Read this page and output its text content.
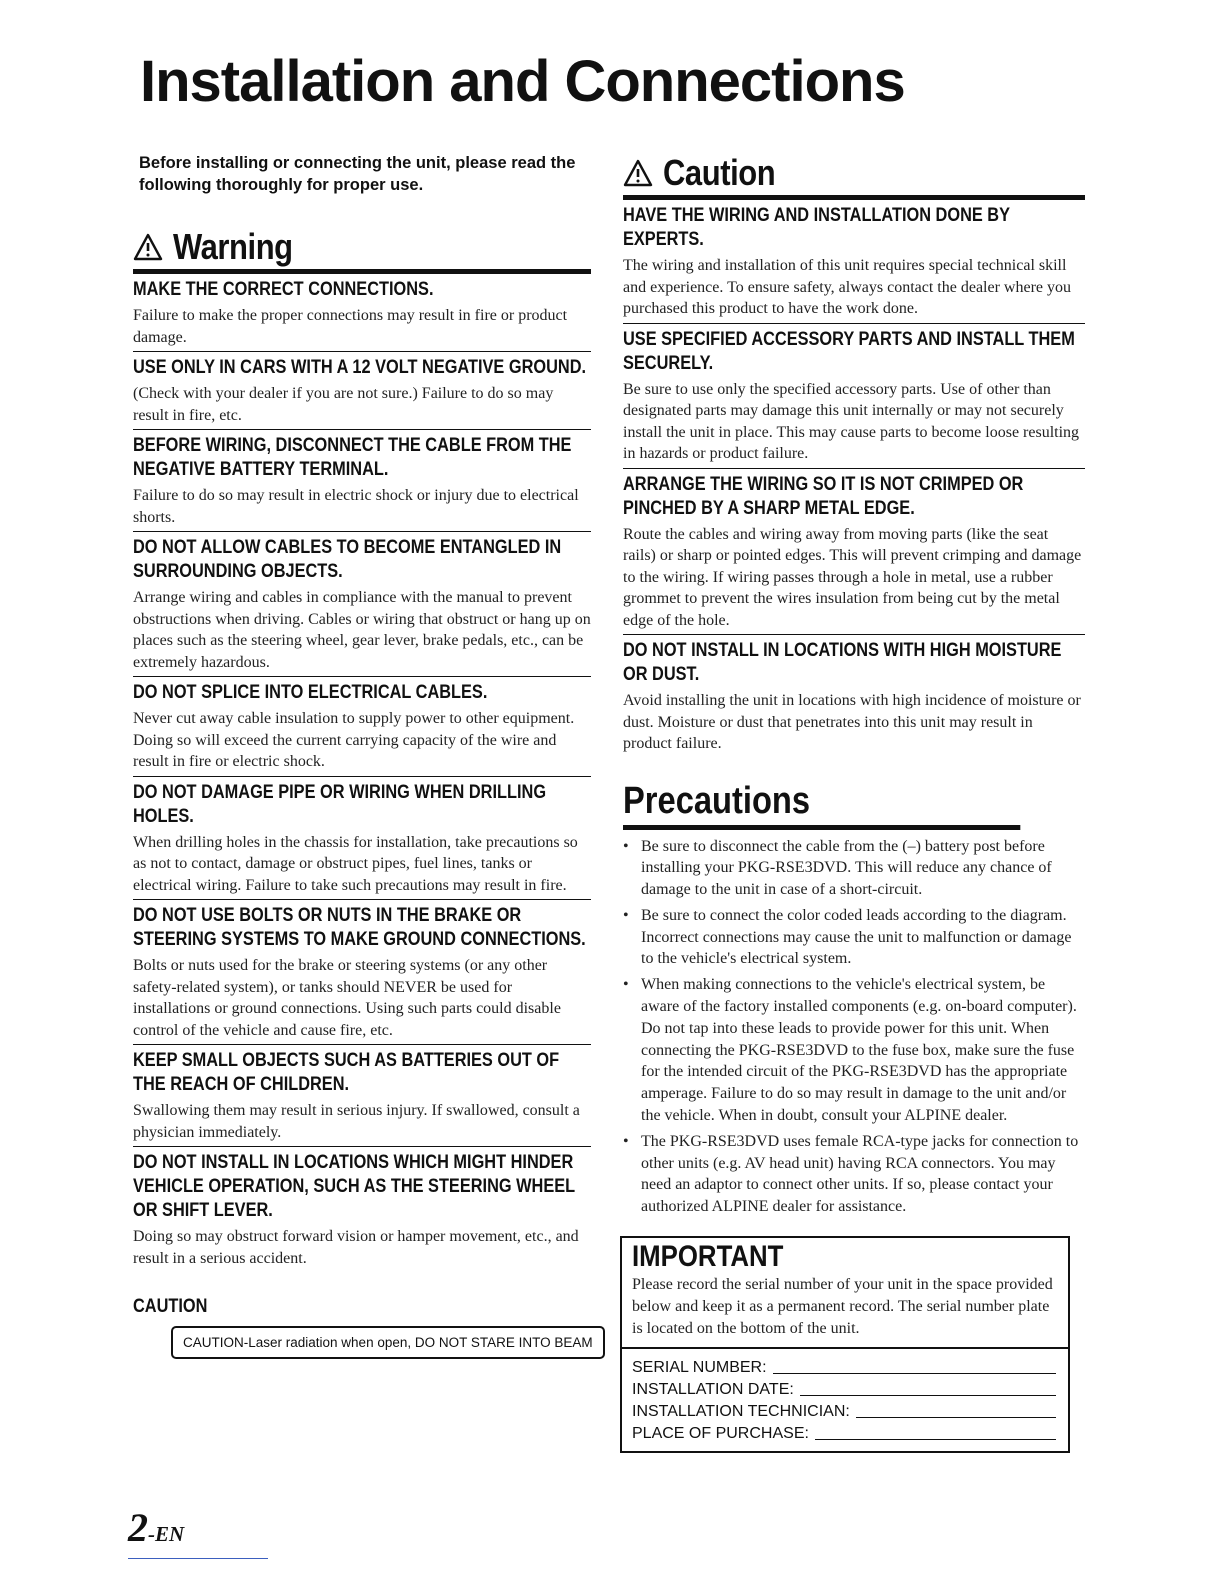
Installation and Connections

Before installing or connecting the unit, please read the following thoroughly for proper use.

Warning
MAKE THE CORRECT CONNECTIONS.
Failure to make the proper connections may result in fire or product damage.
USE ONLY IN CARS WITH A 12 VOLT NEGATIVE GROUND.
(Check with your dealer if you are not sure.) Failure to do so may result in fire, etc.
BEFORE WIRING, DISCONNECT THE CABLE FROM THE NEGATIVE BATTERY TERMINAL.
Failure to do so may result in electric shock or injury due to electrical shorts.
DO NOT ALLOW CABLES TO BECOME ENTANGLED IN SURROUNDING OBJECTS.
Arrange wiring and cables in compliance with the manual to prevent obstructions when driving. Cables or wiring that obstruct or hang up on places such as the steering wheel, gear lever, brake pedals, etc., can be extremely hazardous.
DO NOT SPLICE INTO ELECTRICAL CABLES.
Never cut away cable insulation to supply power to other equipment. Doing so will exceed the current carrying capacity of the wire and result in fire or electric shock.
DO NOT DAMAGE PIPE OR WIRING WHEN DRILLING HOLES.
When drilling holes in the chassis for installation, take precautions so as not to contact, damage or obstruct pipes, fuel lines, tanks or electrical wiring. Failure to take such precautions may result in fire.
DO NOT USE BOLTS OR NUTS IN THE BRAKE OR STEERING SYSTEMS TO MAKE GROUND CONNECTIONS.
Bolts or nuts used for the brake or steering systems (or any other safety-related system), or tanks should NEVER be used for installations or ground connections. Using such parts could disable control of the vehicle and cause fire, etc.
KEEP SMALL OBJECTS SUCH AS BATTERIES OUT OF THE REACH OF CHILDREN.
Swallowing them may result in serious injury. If swallowed, consult a physician immediately.
DO NOT INSTALL IN LOCATIONS WHICH MIGHT HINDER VEHICLE OPERATION, SUCH AS THE STEERING WHEEL OR SHIFT LEVER.
Doing so may obstruct forward vision or hamper movement, etc., and result in a serious accident.
CAUTION
CAUTION-Laser radiation when open, DO NOT STARE INTO BEAM
Caution
HAVE THE WIRING AND INSTALLATION DONE BY EXPERTS.
The wiring and installation of this unit requires special technical skill and experience. To ensure safety, always contact the dealer where you purchased this product to have the work done.
USE SPECIFIED ACCESSORY PARTS AND INSTALL THEM SECURELY.
Be sure to use only the specified accessory parts. Use of other than designated parts may damage this unit internally or may not securely install the unit in place. This may cause parts to become loose resulting in hazards or product failure.
ARRANGE THE WIRING SO IT IS NOT CRIMPED OR PINCHED BY A SHARP METAL EDGE.
Route the cables and wiring away from moving parts (like the seat rails) or sharp or pointed edges. This will prevent crimping and damage to the wiring. If wiring passes through a hole in metal, use a rubber grommet to prevent the wires insulation from being cut by the metal edge of the hole.
DO NOT INSTALL IN LOCATIONS WITH HIGH MOISTURE OR DUST.
Avoid installing the unit in locations with high incidence of moisture or dust. Moisture or dust that penetrates into this unit may result in product failure.
Precautions
• Be sure to disconnect the cable from the (–) battery post before installing your PKG-RSE3DVD. This will reduce any chance of damage to the unit in case of a short-circuit.
• Be sure to connect the color coded leads according to the diagram. Incorrect connections may cause the unit to malfunction or damage to the vehicle's electrical system.
• When making connections to the vehicle's electrical system, be aware of the factory installed components (e.g. on-board computer). Do not tap into these leads to provide power for this unit. When connecting the PKG-RSE3DVD to the fuse box, make sure the fuse for the intended circuit of the PKG-RSE3DVD has the appropriate amperage. Failure to do so may result in damage to the unit and/or the vehicle. When in doubt, consult your ALPINE dealer.
• The PKG-RSE3DVD uses female RCA-type jacks for connection to other units (e.g. AV head unit) having RCA connectors. You may need an adaptor to connect other units. If so, please contact your authorized ALPINE dealer for assistance.
IMPORTANT
Please record the serial number of your unit in the space provided below and keep it as a permanent record. The serial number plate is located on the bottom of the unit.
SERIAL NUMBER:
INSTALLATION DATE:
INSTALLATION TECHNICIAN:
PLACE OF PURCHASE:
2-EN
